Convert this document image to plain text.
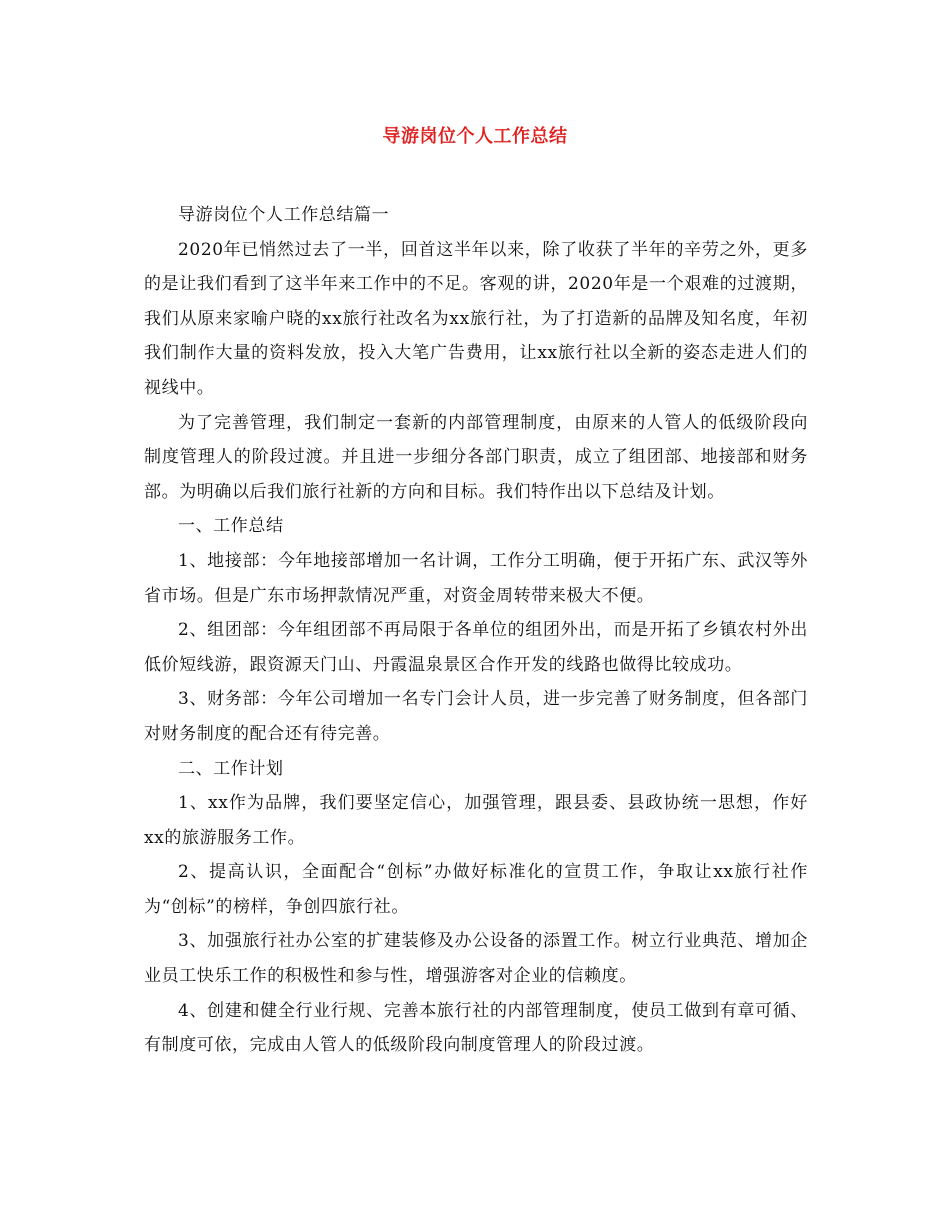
导游岗位个人工作总结

导游岗位个人工作总结篇一

2020年已悄然过去了一半，回首这半年以来，除了收获了半年的辛劳之外，更多的是让我们看到了这半年来工作中的不足。客观的讲，2020年是一个艰难的过渡期，我们从原来家喻户晓的xx旅行社改名为xx旅行社，为了打造新的品牌及知名度，年初我们制作大量的资料发放，投入大笔广告费用，让xx旅行社以全新的姿态走进人们的视线中。

为了完善管理，我们制定一套新的内部管理制度，由原来的人管人的低级阶段向制度管理人的阶段过渡。并且进一步细分各部门职责，成立了组团部、地接部和财务部。为明确以后我们旅行社新的方向和目标。我们特作出以下总结及计划。

一、工作总结

1、地接部：今年地接部增加一名计调，工作分工明确，便于开拓广东、武汉等外省市场。但是广东市场押款情况严重，对资金周转带来极大不便。

2、组团部：今年组团部不再局限于各单位的组团外出，而是开拓了乡镇农村外出低价短线游，跟资源天门山、丹霞温泉景区合作开发的线路也做得比较成功。

3、财务部：今年公司增加一名专门会计人员，进一步完善了财务制度，但各部门对财务制度的配合还有待完善。

二、工作计划

1、xx作为品牌，我们要坚定信心，加强管理，跟县委、县政协统一思想，作好xx的旅游服务工作。

2、提高认识，全面配合“创标”办做好标准化的宣贯工作，争取让xx旅行社作为“创标”的榜样，争创四旅行社。

3、加强旅行社办公室的扩建装修及办公设备的添置工作。树立行业典范、增加企业员工快乐工作的积极性和参与性，增强游客对企业的信赖度。

4、创建和健全行业行规、完善本旅行社的内部管理制度，使员工做到有章可循、有制度可依，完成由人管人的低级阶段向制度管理人的阶段过渡。
